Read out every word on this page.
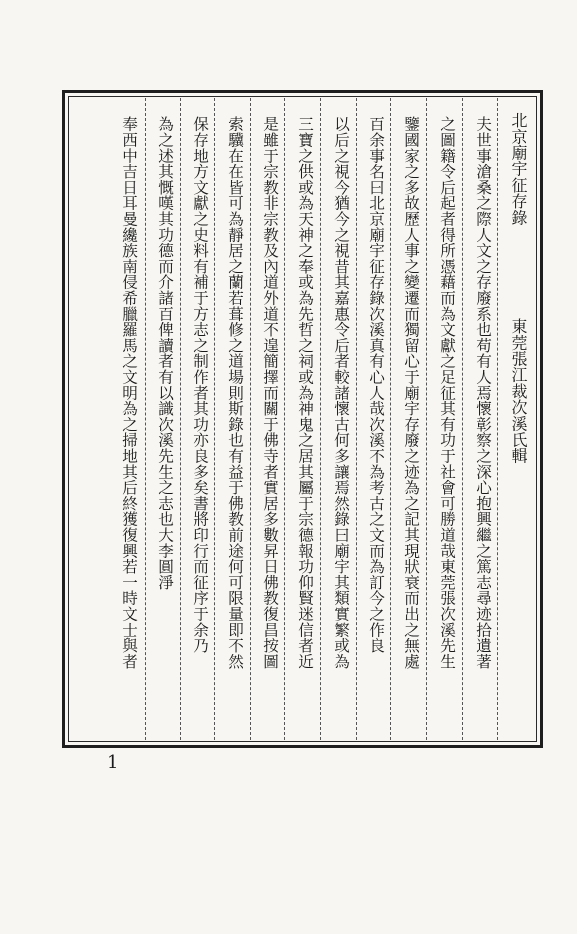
北京廟宇征存錄
東莞張江裁次溪氏輯
夫世事滄桑之際人文之存廢系也苟有人焉懷彰察之深心抱興繼之篤志尋迹拾遺著
之圖籍令后起者得所憑藉而為文獻之足征其有功于社會可勝道哉東莞張次溪先生
鑒國家之多故歷人事之變遷而獨留心于廟宇存廢之迹為之記其現狀衰而出之無處
百余事名曰北京廟宇征存錄次溪真有心人哉次溪不為考古之文而為訂今之作良
以后之視今猶今之視昔其嘉惠令后者較諸懷古何多讓焉然錄曰廟宇其類實繁或為
三寶之供或為天神之奉或為先哲之祠或為神鬼之居其屬于宗德報功仰賢迷信者近
是雖于宗教非宗教及內道外道不遑簡擇而關于佛寺者實居多數昇日佛教復昌按圖
索驥在在皆可為靜居之蘭若葺修之道場則斯錄也有益于佛教前途何可限量即不然
保存地方文獻之史料有補于方志之制作者其功亦良多矣書將印行而征序于余乃
為之述其慨嘆其功德而介諸百俾讀者有以識次溪先生之志也大李圓淨
奉西中吉日耳曼纔族南侵希臘羅馬之文明為之掃地其后終獲復興若一時文士與者
1
